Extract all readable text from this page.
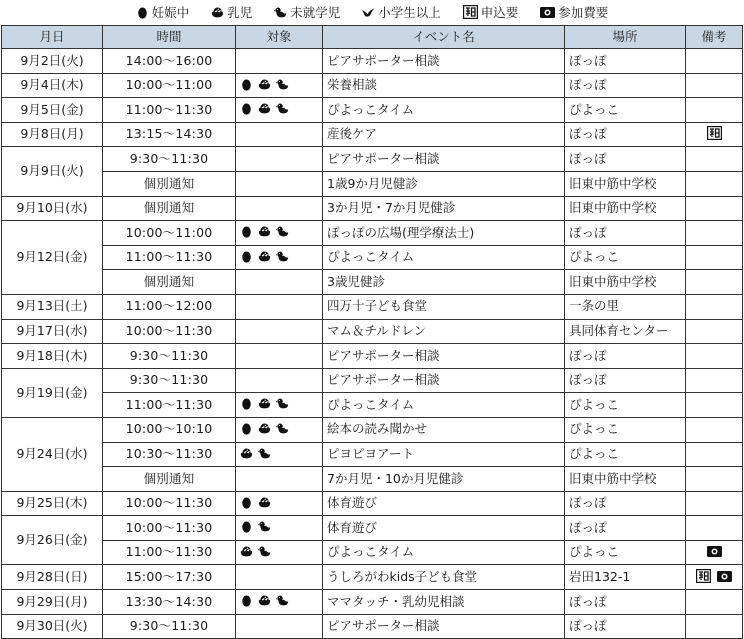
妊娠中	乳児	未就学児	小学生以上	申込要	参加費要
月日	時間	対象	イベント名	場所	備考
9月2日(火)	14:00～16:00		ピアサポーター相談	ぽっぽ	
9月4日(木)	10:00～11:00		栄養相談	ぽっぽ	
9月5日(金)	11:00～11:30		ぴよっこタイム	ぴよっこ	
9月8日(月)	13:15～14:30		産後ケア	ぽっぽ	

9月9日(火)	9:30～11:30		ピアサポーター相談	ぽっぽ	
	個別通知		1歳9か月児健診	旧東中筋中学校	
9月10日(水)	個別通知		3か月児・7か月児健診	旧東中筋中学校	
9月12日(金)	10:00～11:00		ぽっぽの広場(理学療法士)	ぽっぽ	
	11:00～11:30		ぴよっこタイム	ぴよっこ	
	個別通知		3歳児健診	旧東中筋中学校	
9月13日(土)	11:00～12:00		四万十子ども食堂	一条の里	
9月17日(水)	10:00～11:30		マム＆チルドレン	具同体育センター	
9月18日(木)	9:30～11:30		ピアサポーター相談	ぽっぽ	
9月19日(金)	9:30～11:30		ピアサポーター相談	ぽっぽ	
	11:00～11:30		ぴよっこタイム	ぴよっこ	
9月24日(水)	10:00～10:10		絵本の読み聞かせ	ぴよっこ	
	10:30～11:30		ピヨピヨアート	ぴよっこ	
	個別通知		7か月児・10か月児健診	旧東中筋中学校	
9月25日(木)	10:00～11:30		体育遊び	ぽっぽ	
9月26日(金)	10:00～11:30		体育遊び	ぽっぽ	
	11:00～11:30		ぴよっこタイム	ぴよっこ	

9月28日(日)	15:00～17:30		うしろがわkids子ども食堂	岩田132-1	

9月29日(月)	13:30～14:30		ママタッチ・乳幼児相談	ぽっぽ	
9月30日(火)	9:30～11:30		ピアサポーター相談	ぽっぽ	
